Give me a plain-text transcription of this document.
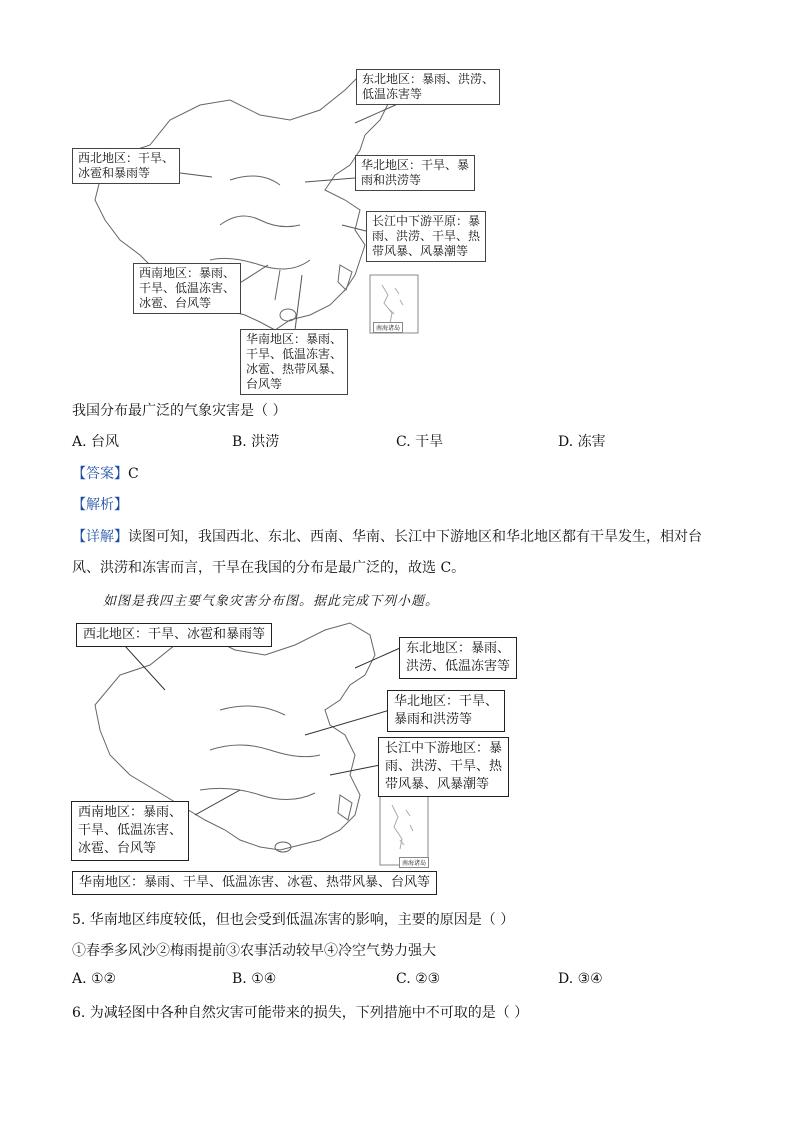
南海诸岛
东北地区：暴雨、洪涝、
低温冻害等
西北地区：干旱、
冰雹和暴雨等
华北地区：干旱、暴
雨和洪涝等
长江中下游平原：暴
雨、洪涝、干旱、热
带风暴、风暴潮等
西南地区：暴雨、
干旱、低温冻害、
冰雹、台风等
华南地区：暴雨、
干旱、低温冻害、
冰雹、热带风暴、
台风等
我国分布最广泛的气象灾害是（ ）
A. 台风	B. 洪涝	C. 干旱	D. 冻害
【答案】C
【解析】
【详解】读图可知，我国西北、东北、西南、华南、长江中下游地区和华北地区都有干旱发生，相对台
风、洪涝和冻害而言，干旱在我国的分布是最广泛的，故选 C。
如图是我四主要气象灾害分布图。据此完成下列小题。
南海诸岛
西北地区：干旱、冰雹和暴雨等
东北地区：暴雨、
洪涝、低温冻害等
华北地区：干旱、
暴雨和洪涝等
长江中下游地区：暴
雨、洪涝、干旱、热
带风暴、风暴潮等
西南地区：暴雨、
干旱、低温冻害、
冰雹、台风等
华南地区：暴雨、干旱、低温冻害、冰雹、热带风暴、台风等
5. 华南地区纬度较低，但也会受到低温冻害的影响，主要的原因是（ ）
①春季多风沙②梅雨提前③农事活动较早④冷空气势力强大
A. ①②	B. ①④	C. ②③	D. ③④
6. 为减轻图中各种自然灾害可能带来的损失，下列措施中不可取的是（ ）
